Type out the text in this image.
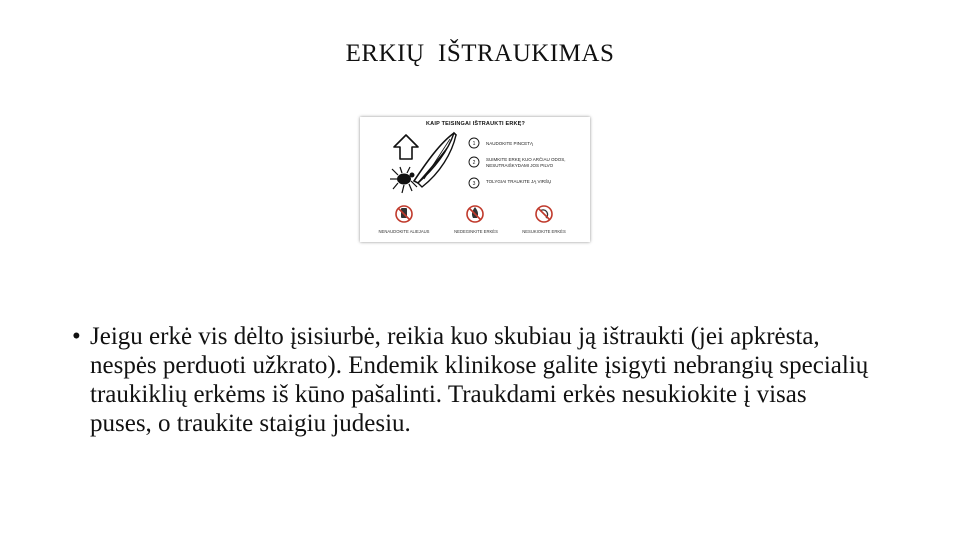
ERKIŲ  IŠTRAUKIMAS
1
2
3
KAIP TEISINGAI IŠTRAUKTI ERKĘ?
NAUDOKITE PINCETĄ
SUIMKITE ERKĘ KUO ARČIAU ODOS,
NESUTRAIŠKYDAMI JOS PILVO
TOLYGIAI TRAUKITE JĄ VIRŠŲ
NENAUDOKITE ALIEJAUS	NEDEGINKITE ERKĖS	NESUKIOKITE ERKĖS
• Jeigu erkė vis dėlto įsisiurbė, reikia kuo skubiau ją ištraukti (jei apkrėsta, nespės perduoti užkrato). Endemik klinikose galite įsigyti nebrangių specialių traukiklių erkėms iš kūno pašalinti. Traukdami erkės nesukiokite į visas puses, o traukite staigiu judesiu.
